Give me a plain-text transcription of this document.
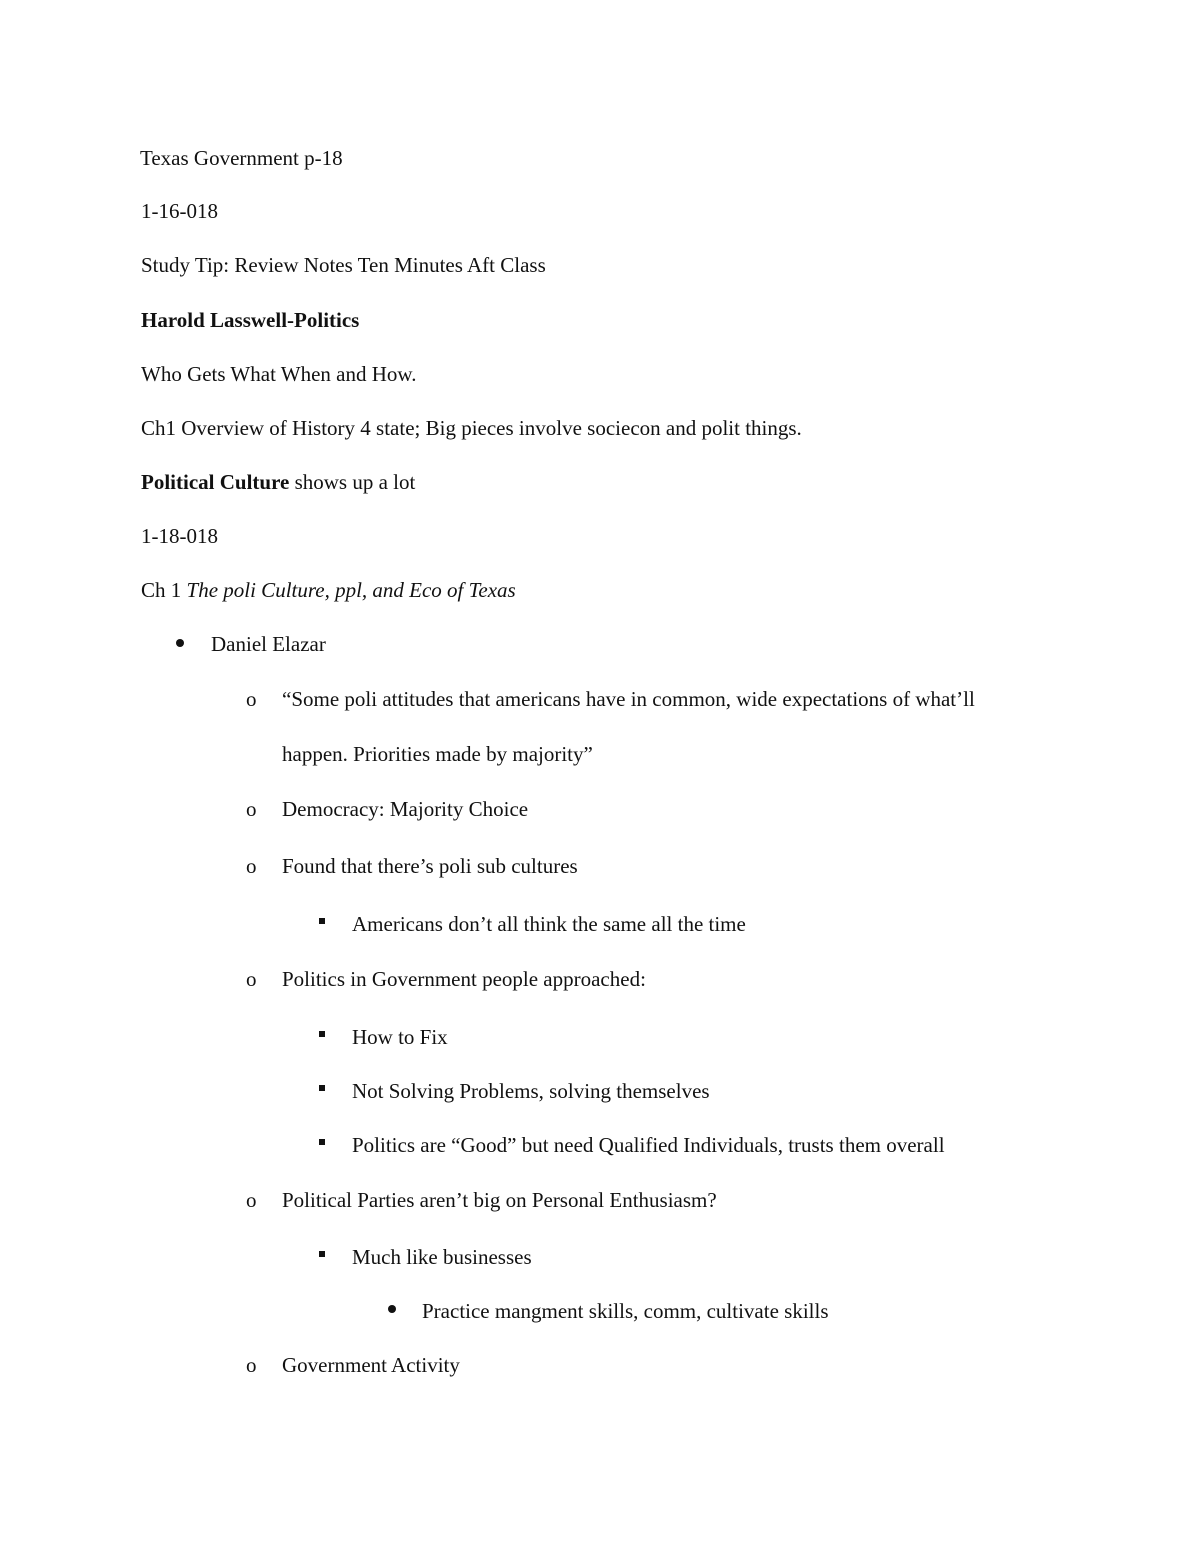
Texas Government p-18
1-16-018
Study Tip: Review Notes Ten Minutes Aft Class
Harold Lasswell-Politics
Who Gets What When and How.
Ch1 Overview of History 4 state; Big pieces involve sociecon and polit things.
Political Culture shows up a lot
1-18-018
Ch 1 The poli Culture, ppl, and Eco of Texas
Daniel Elazar
o “Some poli attitudes that americans have in common, wide expectations of what’ll
happen. Priorities made by majority”
o Democracy: Majority Choice
o Found that there’s poli sub cultures
Americans don’t all think the same all the time
o Politics in Government people approached:
How to Fix
Not Solving Problems, solving themselves
Politics are “Good” but need Qualified Individuals, trusts them overall
o Political Parties aren’t big on Personal Enthusiasm?
Much like businesses
Practice mangment skills, comm, cultivate skills
o Government Activity
